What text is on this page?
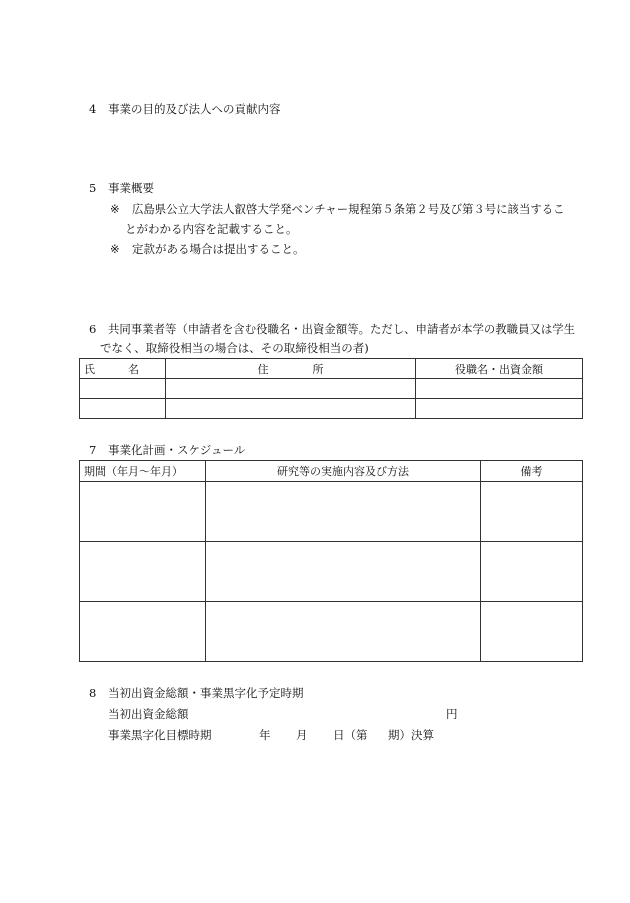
4 事業の目的及び法人への貢献内容
5 事業概要
※ 広島県公立大学法人叡啓大学発ベンチャー規程第５条第２号及び第３号に該当するこ
とがわかる内容を記載すること。
※ 定款がある場合は提出すること。
6 共同事業者等（申請者を含む役職名・出資金額等。ただし、申請者が本学の教職員又は学生
でなく、取締役相当の場合は、その取締役相当の者)
氏　　　名	住　　　　所	役職名・出資金額

7 事業化計画・スケジュール
期間（年月～年月）	研究等の実施内容及び方法	備考

8 当初出資金総額・事業黒字化予定時期
当初出資金総額	円
事業黒字化目標時期	年 月 日（第 期）決算
